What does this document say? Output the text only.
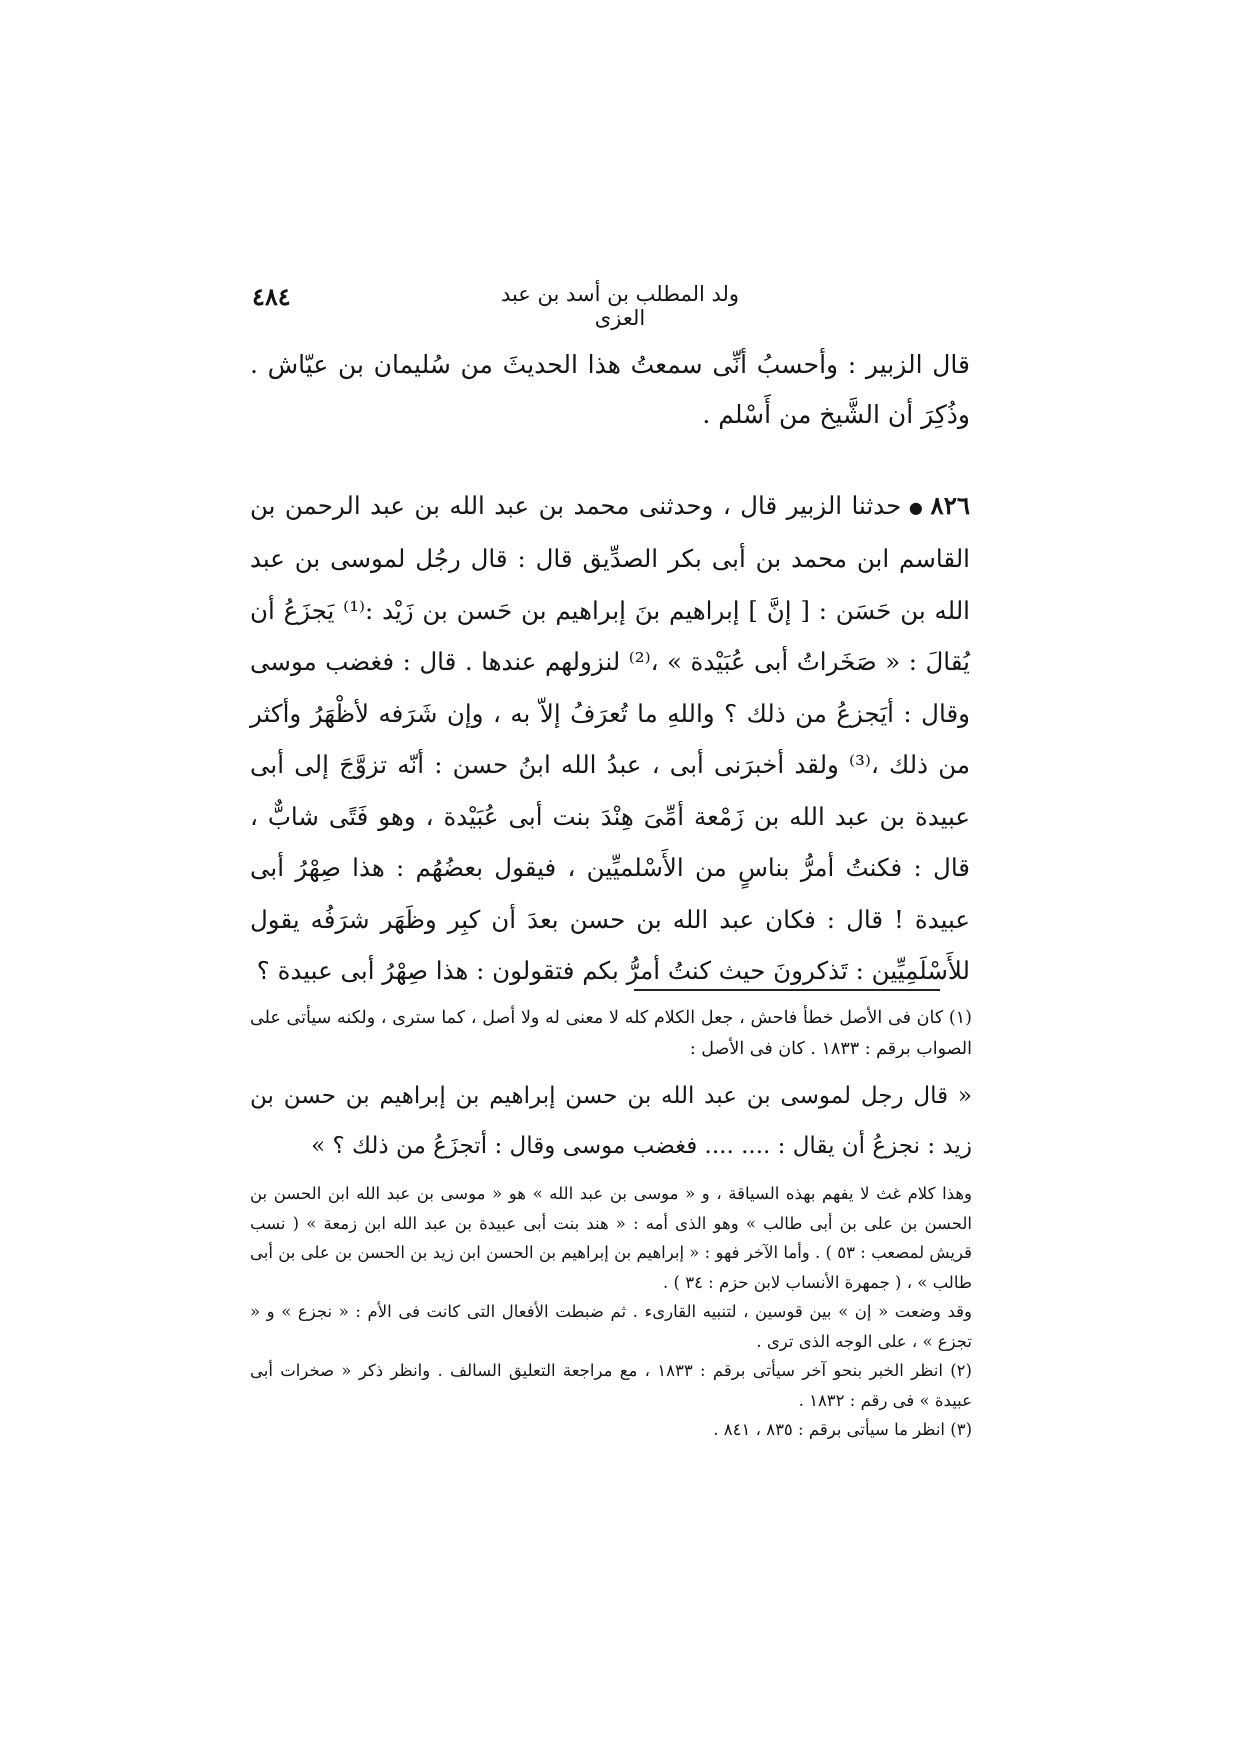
٤٨٤	ولد المطلب بن أسد بن عبد العزى

قال الزبير : وأحسبُ أنِّى سمعتُ هذا الحديثَ من سُليمان بن عيّاش . وذُكِرَ أن الشَّيخ من أَسْلم .

٨٢٦●حدثنا الزبير قال ، وحدثنى محمد بن عبد الله بن عبد الرحمن بن القاسم ابن محمد بن أبى بكر الصدِّيق قال : قال رجُل لموسى بن عبد الله بن حَسَن : [ إنَّ ] إبراهيم بنَ إبراهيم بن حَسن بن زَيْد :⁽¹⁾ يَجزَعُ أن يُقالَ : « صَخَراتُ أبى عُبَيْدة » ،⁽²⁾ لنزولهم عندها . قال : فغضب موسى وقال : أيَجزعُ من ذلك ؟ واللهِ ما تُعرَفُ إلاّ به ، وإن شَرَفه لأظْهَرُ وأكثر من ذلك ،⁽³⁾ ولقد أخبرَنى أبى ، عبدُ الله ابنُ حسن : أنّه تزوَّجَ إلى أبى عبيدة بن عبد الله بن زَمْعة أمِّىَ هِنْدَ بنت أبى عُبَيْدة ، وهو فَتًى شابٌّ ، قال : فكنتُ أمرُّ بناسٍ من الأَسْلميِّين ، فيقول بعضُهُم : هذا صِهْرُ أبى عبيدة ! قال : فكان عبد الله بن حسن بعدَ أن كبِر وظَهَر شرَفُه يقول للأَسْلَمِيِّين : تَذكرونَ حيث كنتُ أمرُّ بكم فتقولون : هذا صِهْرُ أبى عبيدة ؟

(١) كان فى الأصل خطأ فاحش ، جعل الكلام كله لا معنى له ولا أصل ، كما سترى ، ولكنه سيأتى على الصواب برقم : ١٨٣٣ . كان فى الأصل :

« قال رجل لموسى بن عبد الله بن حسن إبراهيم بن إبراهيم بن حسن بن زيد : نجزعُ أن يقال : .... .... فغضب موسى وقال : أتجزَعُ من ذلك ؟ »

وهذا كلام غث لا يفهم بهذه السياقة ، و « موسى بن عبد الله » هو « موسى بن عبد الله ابن الحسن بن الحسن بن على بن أبى طالب » وهو الذى أمه : « هند بنت أبى عبيدة بن عبد الله ابن زمعة » ( نسب قريش لمصعب : ٥٣ ) . وأما الآخر فهو : « إبراهيم بن إبراهيم بن الحسن ابن زيد بن الحسن بن على بن أبى طالب » ، ( جمهرة الأنساب لابن حزم : ٣٤ ) .

وقد وضعت « إن » بين قوسين ، لتنبيه القارىء . ثم ضبطت الأفعال التى كانت فى الأم : « نجزع » و « تجزع » ، على الوجه الذى ترى .

(٢) انظر الخبر بنحو آخر سيأتى برقم : ١٨٣٣ ، مع مراجعة التعليق السالف . وانظر ذكر « صخرات أبى عبيدة » فى رقم : ١٨٣٢ .

(٣) انظر ما سيأتى برقم : ٨٣٥ ، ٨٤١ .
